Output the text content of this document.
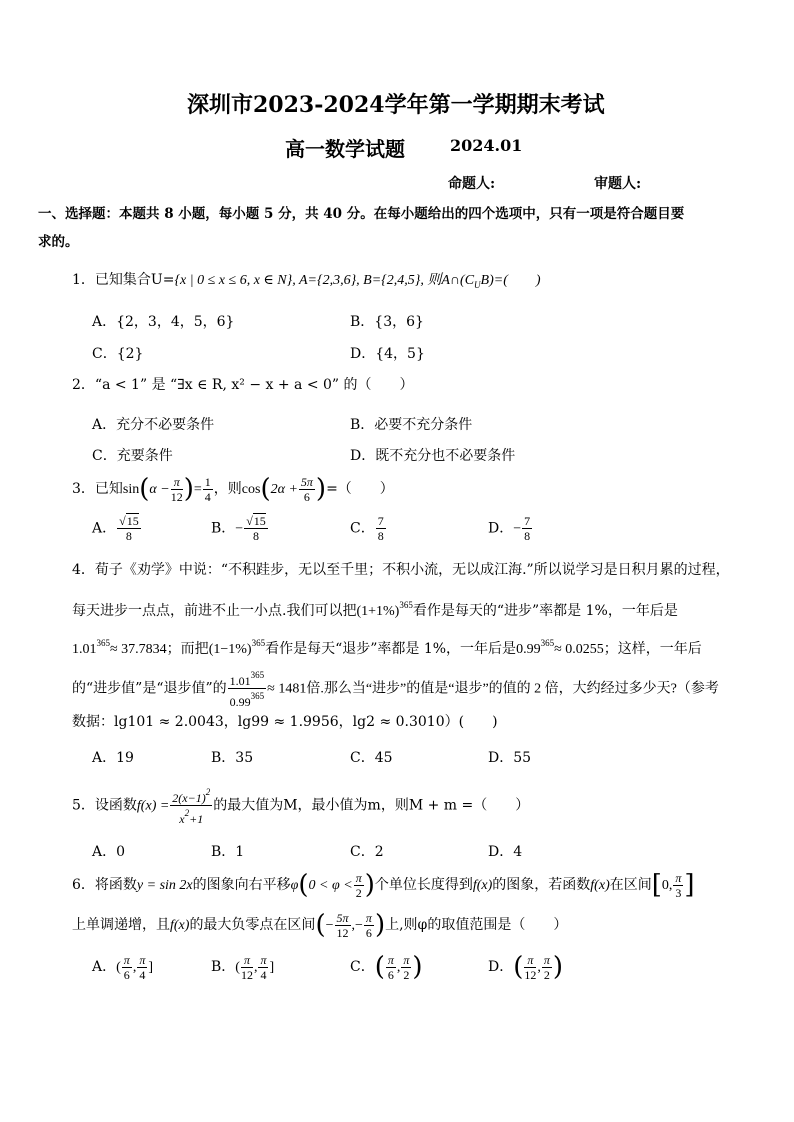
深圳市2023-2024学年第一学期期末考试
高一数学试题	2024.01
命题人:	审题人:
一、选择题：本题共 8 小题，每小题 5 分，共 40 分。在每小题给出的四个选项中，只有一项是符合题目要
求的。
1．已知集合U={x | 0 ≤ x ≤ 6, x ∈ N}, A={2,3,6}, B={2,4,5}, 则$A\cap(C_UB)=$(　　)
A．{2，3，4，5，6}	B．{3，6}
C．{2}	D．{4，5}
2．“a < 1” 是 “∃x ∈ R, x² − x + a < 0” 的（　　）
A．充分不必要条件	B．必要不充分条件
C．充要条件	D．既不充分也不必要条件
3．已知$\sin(\alpha - \frac{\pi}{12}$ )= $\frac{1}{4}$ ，则$\cos(2\alpha + \frac{5\pi}{6}$ )=（　　）
A． $\frac{√15}{8}$	B．− $\frac{√15}{8}$	C． $\frac{7}{8}$	D．− $\frac{7}{8}$
4．荀子《劝学》中说：“不积跬步，无以至千里；不积小流，无以成江海.”所以说学习是日积月累的过程，
每天进步一点点，前进不止一小点.我们可以把$(1+1\%)^{365}$看作是每天的“进步”率都是 1%，一年后是
$1.01^{365}\approx 37.7834$；而把$(1-1\%)^{365}$看作是每天“退步”率都是 1%，一年后是$0.99^{365}\approx 0.0255$；这样，一年后
的“进步值”是“退步值”的 $\frac{1.01^{365}}{0.99^{365}} \approx 1481$倍.那么当“进步”的值是“退步”的值的 2 倍，大约经过多少天?（参考
数据：lg101 ≈ 2.0043，lg99 ≈ 1.9956，lg2 ≈ 0.3010）(　　)
A．19	B．35	C．45	D．55
5．设函数$f(x) = \frac{2(x-1)^2}{x^2+1}$ 的最大值为M，最小值为m，则M + m =（　　）
A．0	B．1	C．2	D．4
6．将函数y = sin 2x的图象向右平移$\varphi(0 < \varphi < \frac{\pi}{2}$ )个单位长度得到f(x)的图象，若函数f(x)在区间[0, $\frac{\pi}{3}$ ]
上单调递增，且f(x)的最大负零点在区间(− $\frac{5\pi}{12}$ ,− $\frac{\pi}{6}$ )上,则φ的取值范围是（　　）
A．( $\frac{\pi}{6}$ , $\frac{\pi}{4}$ ]	B．( $\frac{\pi}{12}$ , $\frac{\pi}{4}$ ]	C．( $\frac{\pi}{6}$ , $\frac{\pi}{2}$ )	D．( $\frac{\pi}{12}$ , $\frac{\pi}{2}$ )
